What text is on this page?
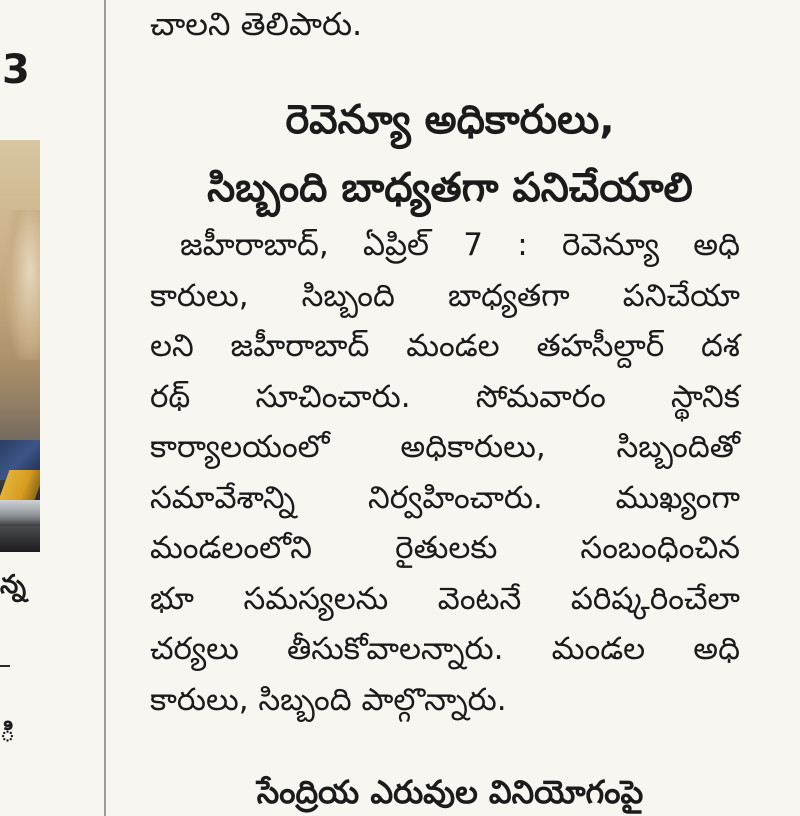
3
న్న
ి
చాలని తెలిపారు.
రెవెన్యూ అధికారులు,
సిబ్బంది బాధ్యతగా పనిచేయాలి
జహీరాబాద్, ఏప్రిల్ 7 : రెవెన్యూ అధి
కారులు, సిబ్బంది బాధ్యతగా పనిచేయా
లని జహీరాబాద్ మండల తహసీల్దార్ దశ
రథ్ సూచించారు. సోమవారం స్థానిక
కార్యాలయంలో అధికారులు, సిబ్బందితో
సమావేశాన్ని నిర్వహించారు. ముఖ్యంగా
మండలంలోని రైతులకు సంబంధించిన
భూ సమస్యలను వెంటనే పరిష్కరించేలా
చర్యలు తీసుకోవాలన్నారు. మండల అధి
కారులు, సిబ్బంది పాల్గొన్నారు.
సేంద్రియ ఎరువుల వినియోగంపై
